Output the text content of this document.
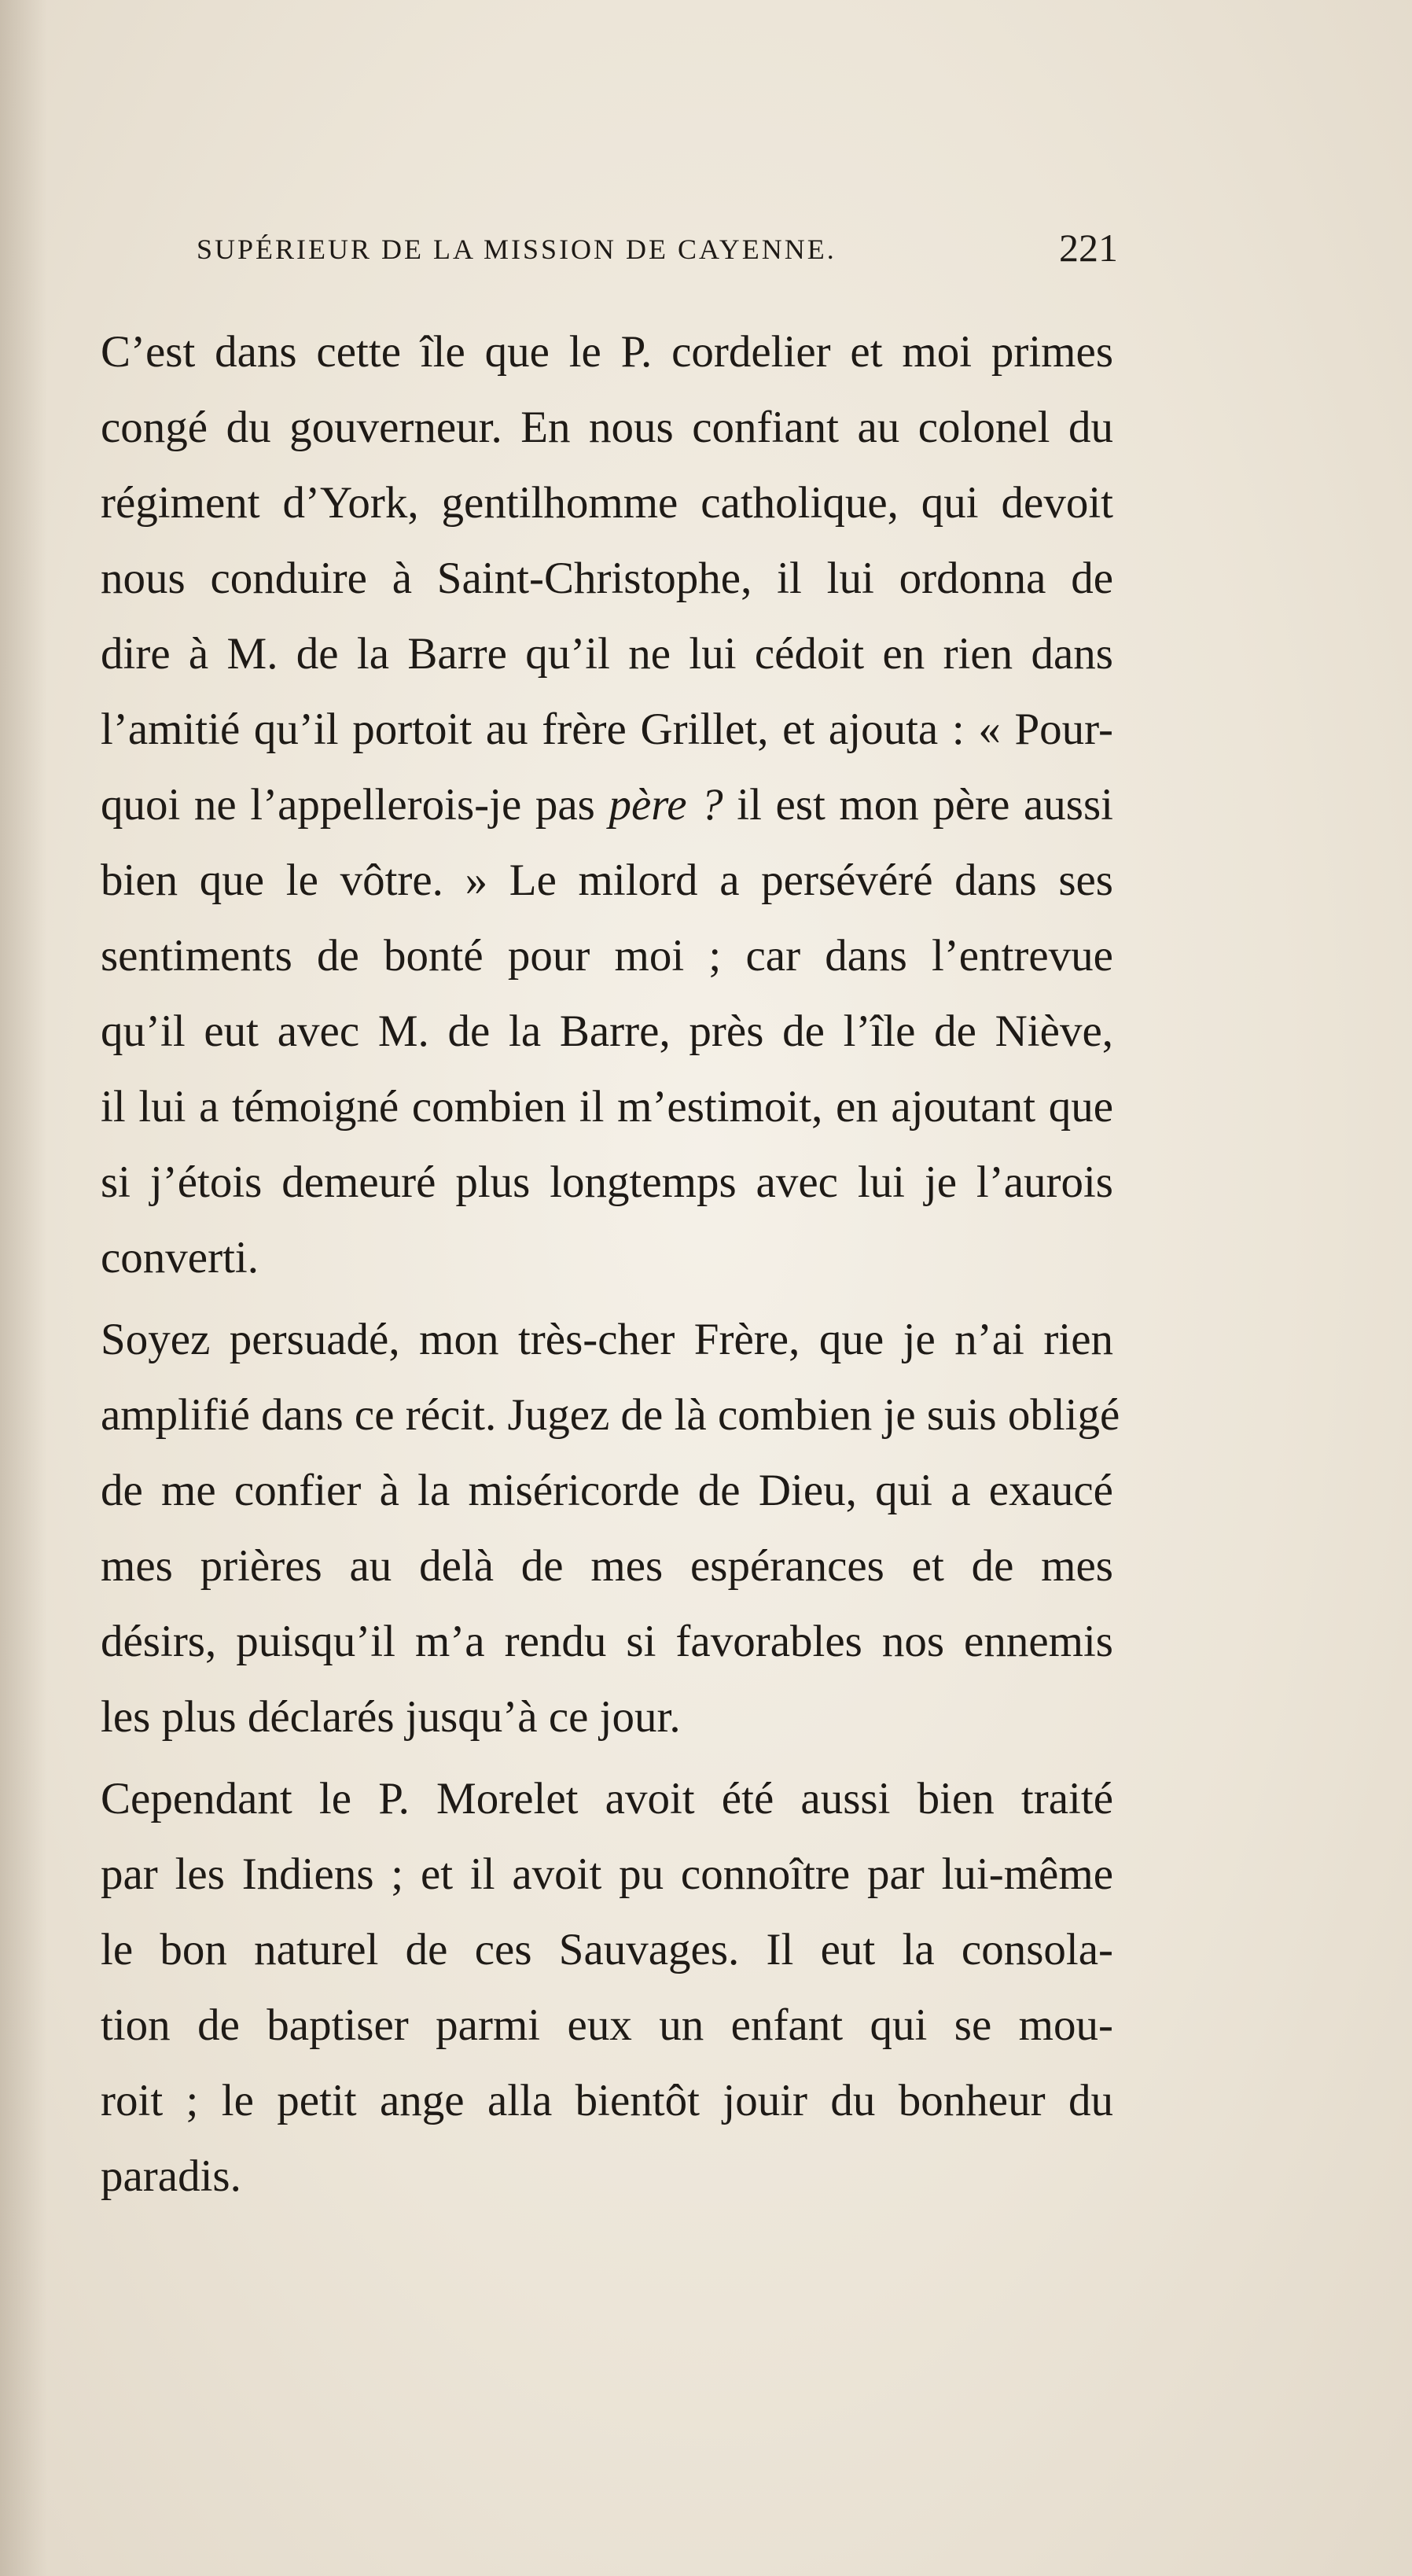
SUPÉRIEUR DE LA MISSION DE CAYENNE.	221
C’est dans cette île que le P. cordelier et moi primes
congé du gouverneur. En nous confiant au colonel du
régiment d’York, gentilhomme catholique, qui devoit
nous conduire à Saint-Christophe, il lui ordonna de
dire à M. de la Barre qu’il ne lui cédoit en rien dans
l’amitié qu’il portoit au frère Grillet, et ajouta : « Pour-
quoi ne l’appellerois-je pas père ? il est mon père aussi
bien que le vôtre. » Le milord a persévéré dans ses
sentiments de bonté pour moi ; car dans l’entrevue
qu’il eut avec M. de la Barre, près de l’île de Niève,
il lui a témoigné combien il m’estimoit, en ajoutant que
si j’étois demeuré plus longtemps avec lui je l’aurois
converti.
Soyez persuadé, mon très-cher Frère, que je n’ai rien
amplifié dans ce récit. Jugez de là combien je suis obligé
de me confier à la miséricorde de Dieu, qui a exaucé
mes prières au delà de mes espérances et de mes
désirs, puisqu’il m’a rendu si favorables nos ennemis
les plus déclarés jusqu’à ce jour.
Cependant le P. Morelet avoit été aussi bien traité
par les Indiens ; et il avoit pu connoître par lui-même
le bon naturel de ces Sauvages. Il eut la consola-
tion de baptiser parmi eux un enfant qui se mou-
roit ; le petit ange alla bientôt jouir du bonheur du
paradis.
